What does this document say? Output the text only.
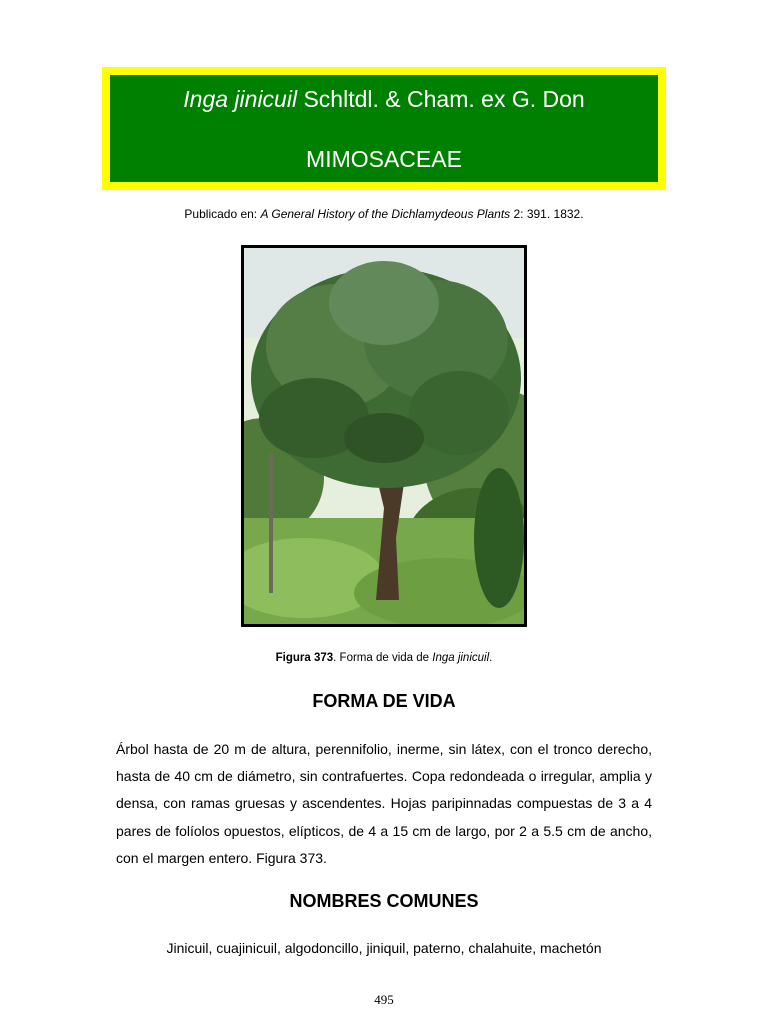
Inga jinicuil Schltdl. & Cham. ex G. Don
MIMOSACEAE
Publicado en: A General History of the Dichlamydeous Plants 2: 391. 1832.
Figura 373. Forma de vida de Inga jinicuil.
FORMA DE VIDA
Árbol hasta de 20 m de altura, perennifolio, inerme, sin látex, con el tronco derecho, hasta de 40 cm de diámetro, sin contrafuertes. Copa redondeada o irregular, amplia y densa, con ramas gruesas y ascendentes. Hojas paripinnadas compuestas de 3 a 4 pares de folíolos opuestos, elípticos, de 4 a 15 cm de largo, por 2 a 5.5 cm de ancho, con el margen entero. Figura 373.
NOMBRES COMUNES
Jinicuil, cuajinicuil, algodoncillo, jiniquil, paterno, chalahuite, machetón
495
